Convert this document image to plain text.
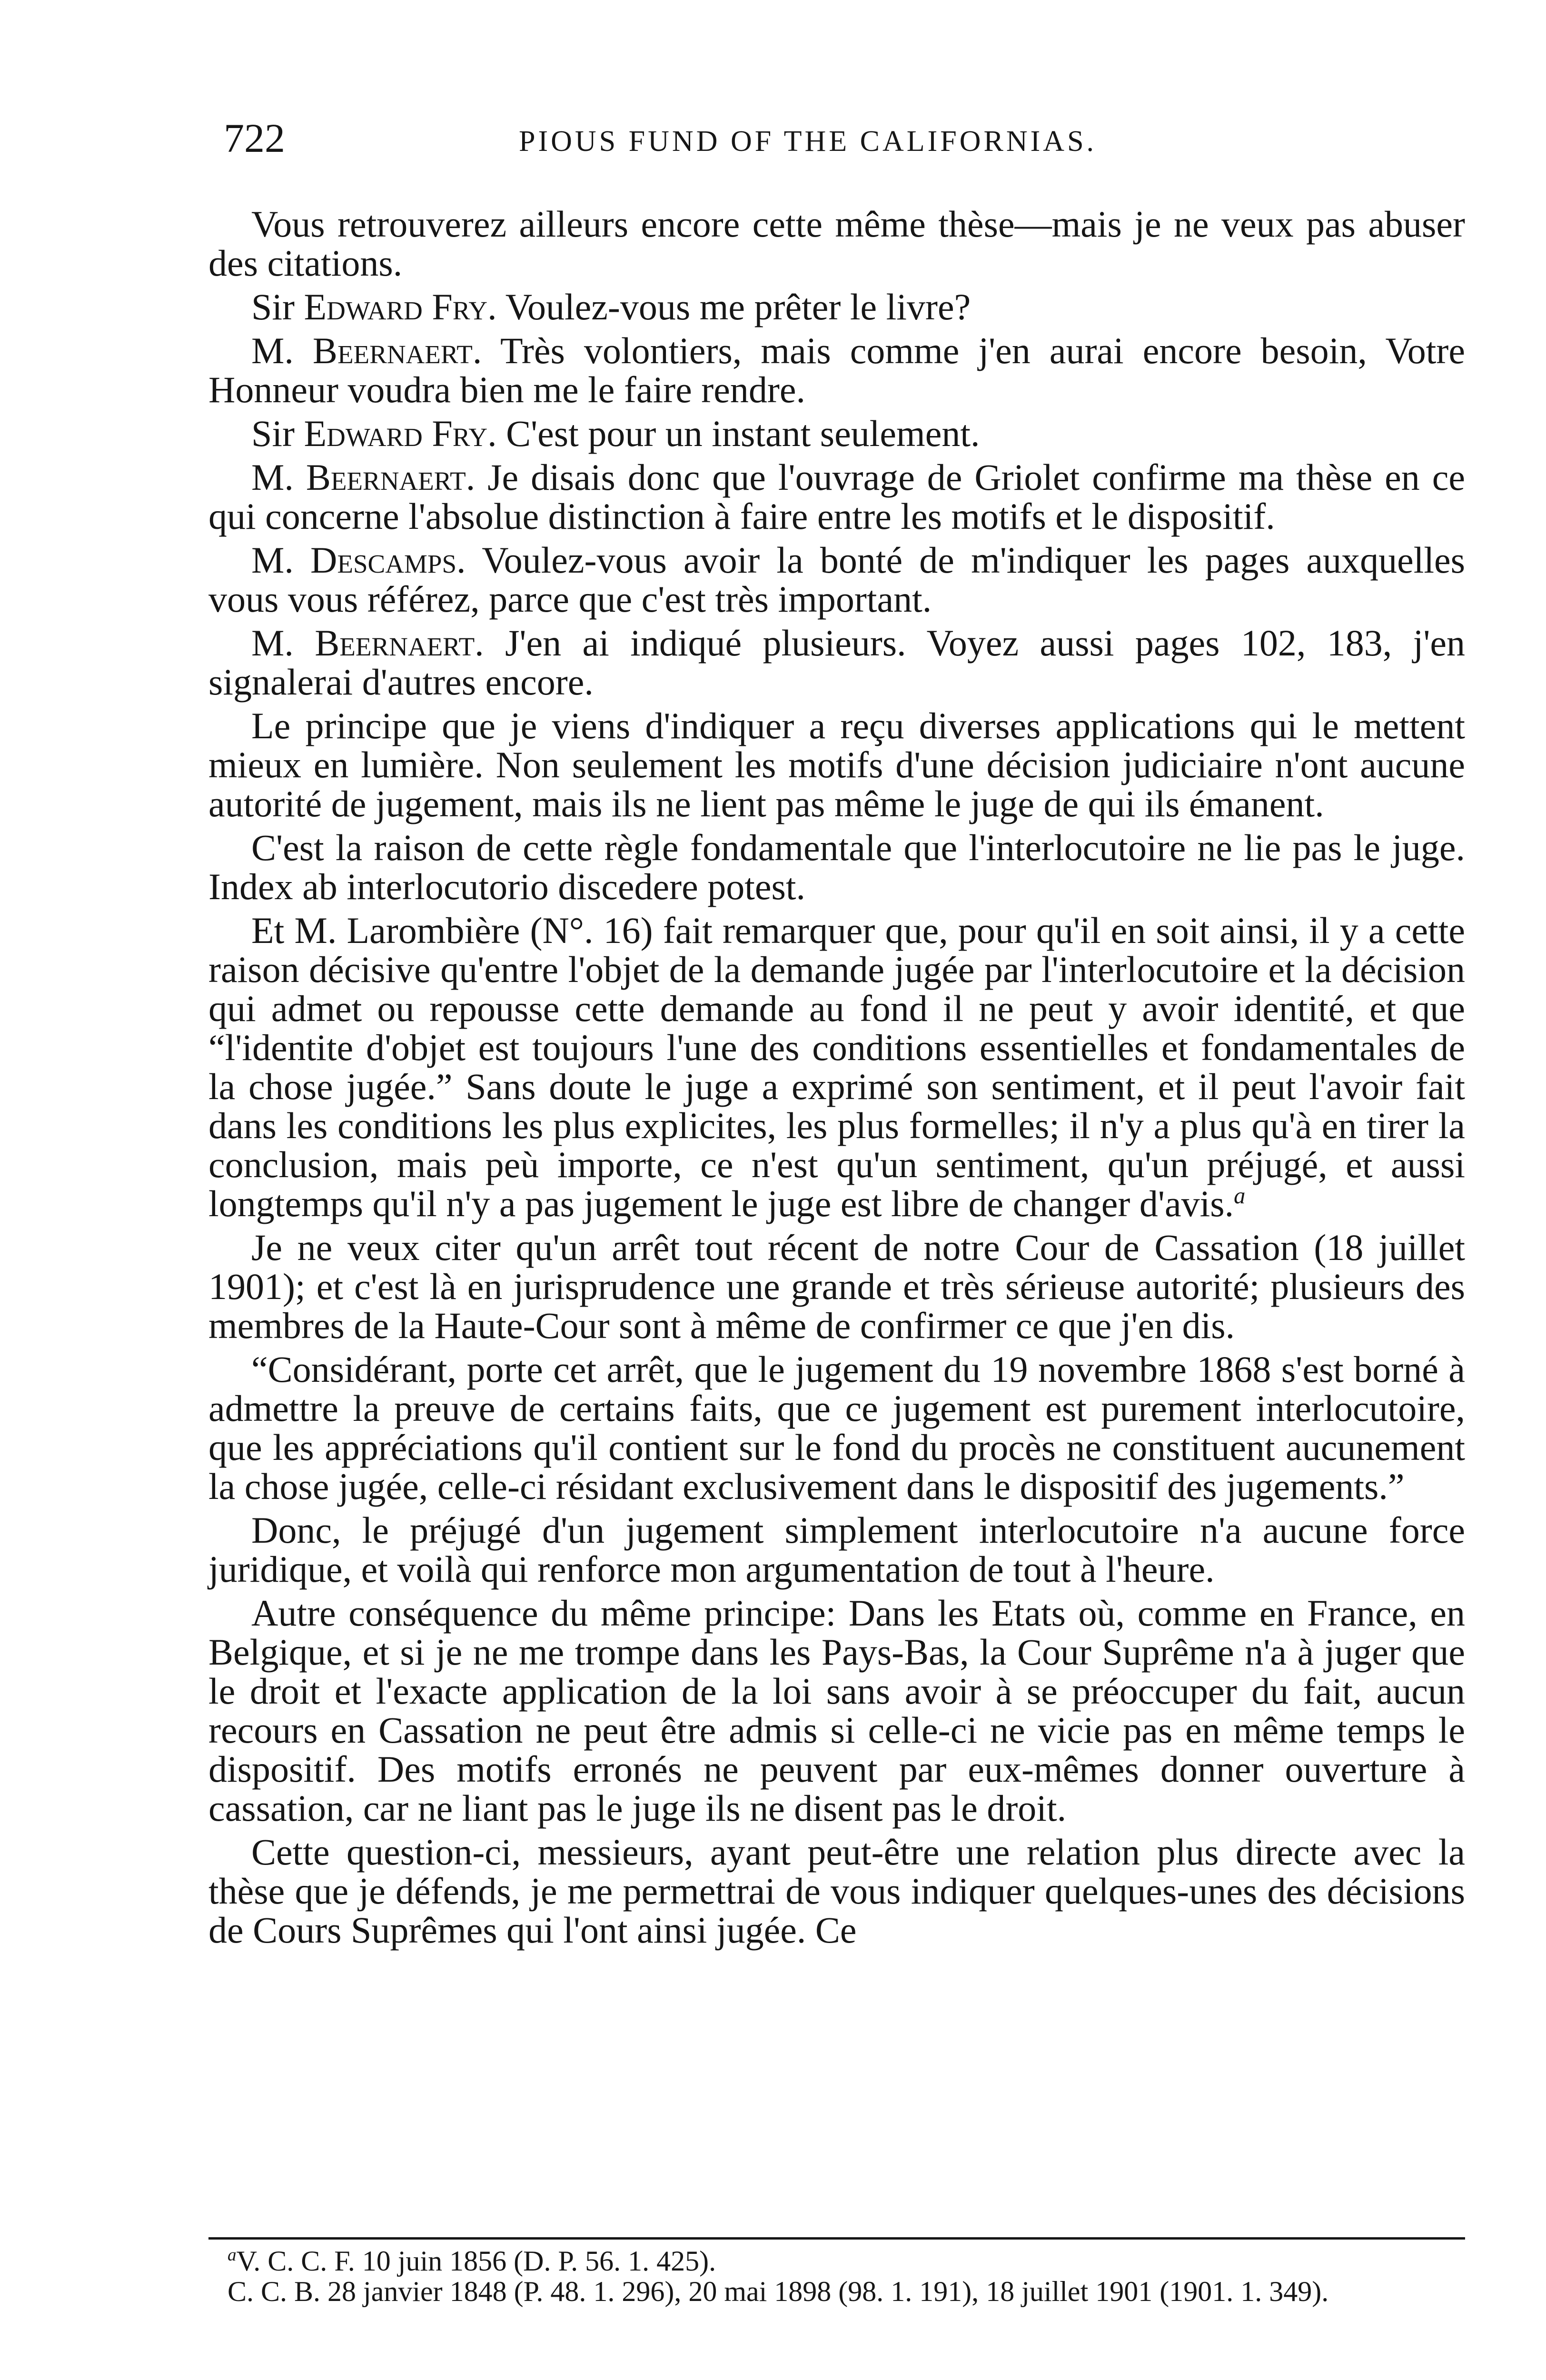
722	PIOUS FUND OF THE CALIFORNIAS.

Vous retrouverez ailleurs encore cette même thèse—mais je ne veux pas abuser des citations.

Sir Edward Fry. Voulez-vous me prêter le livre?

M. Beernaert. Très volontiers, mais comme j'en aurai encore besoin, Votre Honneur voudra bien me le faire rendre.

Sir Edward Fry. C'est pour un instant seulement.

M. Beernaert. Je disais donc que l'ouvrage de Griolet confirme ma thèse en ce qui concerne l'absolue distinction à faire entre les motifs et le dispositif.

M. Descamps. Voulez-vous avoir la bonté de m'indiquer les pages auxquelles vous vous référez, parce que c'est très important.

M. Beernaert. J'en ai indiqué plusieurs. Voyez aussi pages 102, 183, j'en signalerai d'autres encore.

Le principe que je viens d'indiquer a reçu diverses applications qui le mettent mieux en lumière. Non seulement les motifs d'une décision judiciaire n'ont aucune autorité de jugement, mais ils ne lient pas même le juge de qui ils émanent.

C'est la raison de cette règle fondamentale que l'interlocutoire ne lie pas le juge. Index ab interlocutorio discedere potest.

Et M. Larombière (N°. 16) fait remarquer que, pour qu'il en soit ainsi, il y a cette raison décisive qu'entre l'objet de la demande jugée par l'interlocutoire et la décision qui admet ou repousse cette demande au fond il ne peut y avoir identité, et que “l'identite d'objet est toujours l'une des conditions essentielles et fondamentales de la chose jugée.” Sans doute le juge a exprimé son sentiment, et il peut l'avoir fait dans les conditions les plus explicites, les plus formelles; il n'y a plus qu'à en tirer la conclusion, mais peù importe, ce n'est qu'un sentiment, qu'un préjugé, et aussi longtemps qu'il n'y a pas jugement le juge est libre de changer d'avis.$^a$

Je ne veux citer qu'un arrêt tout récent de notre Cour de Cassation (18 juillet 1901); et c'est là en jurisprudence une grande et très sérieuse autorité; plusieurs des membres de la Haute-Cour sont à même de confirmer ce que j'en dis.

“Considérant, porte cet arrêt, que le jugement du 19 novembre 1868 s'est borné à admettre la preuve de certains faits, que ce jugement est purement interlocutoire, que les appréciations qu'il contient sur le fond du procès ne constituent aucunement la chose jugée, celle-ci résidant exclusivement dans le dispositif des jugements.”

Donc, le préjugé d'un jugement simplement interlocutoire n'a aucune force juridique, et voilà qui renforce mon argumentation de tout à l'heure.

Autre conséquence du même principe: Dans les Etats où, comme en France, en Belgique, et si je ne me trompe dans les Pays-Bas, la Cour Suprême n'a à juger que le droit et l'exacte application de la loi sans avoir à se préoccuper du fait, aucun recours en Cassation ne peut être admis si celle-ci ne vicie pas en même temps le dispositif. Des motifs erronés ne peuvent par eux-mêmes donner ouverture à cassation, car ne liant pas le juge ils ne disent pas le droit.

Cette question-ci, messieurs, ayant peut-être une relation plus directe avec la thèse que je défends, je me permettrai de vous indiquer quelques-unes des décisions de Cours Suprêmes qui l'ont ainsi jugée. Ce

$^a$V. C. C. F. 10 juin 1856 (D. P. 56. 1. 425).

C. C. B. 28 janvier 1848 (P. 48. 1. 296), 20 mai 1898 (98. 1. 191), 18 juillet 1901 (1901. 1. 349).
